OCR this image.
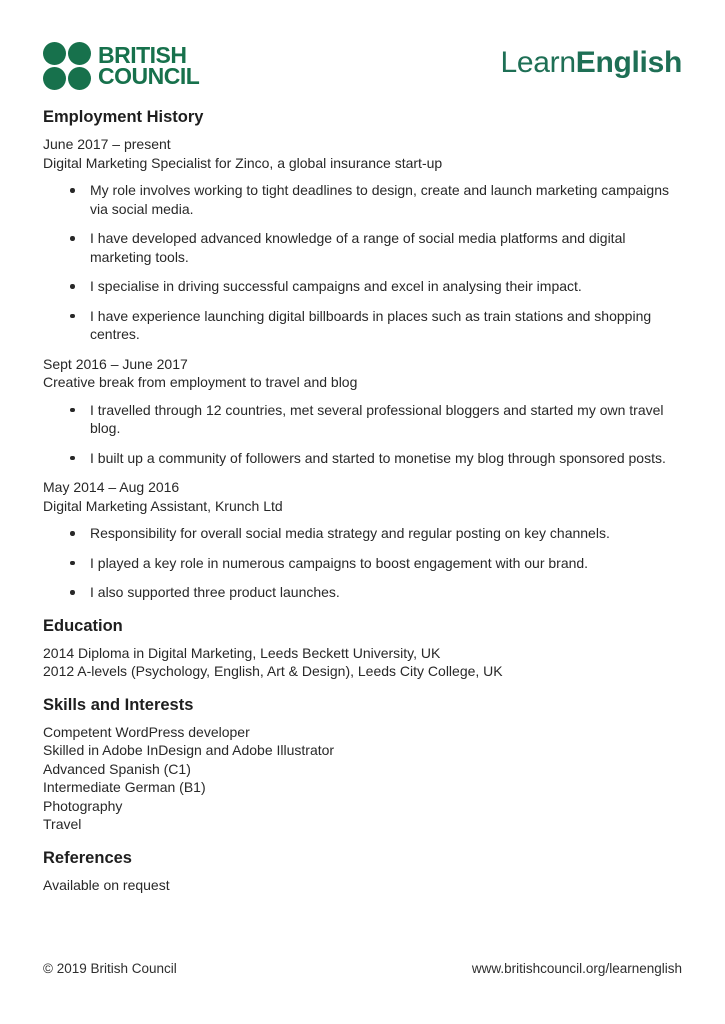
BRITISH
COUNCIL	LearnEnglish
Employment History

June 2017 – present

Digital Marketing Specialist for Zinco, a global insurance start-up

My role involves working to tight deadlines to design, create and launch marketing campaigns via social media.
I have developed advanced knowledge of a range of social media platforms and digital marketing tools.
I specialise in driving successful campaigns and excel in analysing their impact.
I have experience launching digital billboards in places such as train stations and shopping centres.

Sept 2016 – June 2017

Creative break from employment to travel and blog

I travelled through 12 countries, met several professional bloggers and started my own travel blog.
I built up a community of followers and started to monetise my blog through sponsored posts.

May 2014 – Aug 2016

Digital Marketing Assistant, Krunch Ltd

Responsibility for overall social media strategy and regular posting on key channels.
I played a key role in numerous campaigns to boost engagement with our brand.
I also supported three product launches.
Education

2014 Diploma in Digital Marketing, Leeds Beckett University, UK

2012 A-levels (Psychology, English, Art & Design), Leeds City College, UK

Skills and Interests

Competent WordPress developer

Skilled in Adobe InDesign and Adobe Illustrator

Advanced Spanish (C1)

Intermediate German (B1)

Photography

Travel

References

Available on request

© 2019 British Council	www.britishcouncil.org/learnenglish
